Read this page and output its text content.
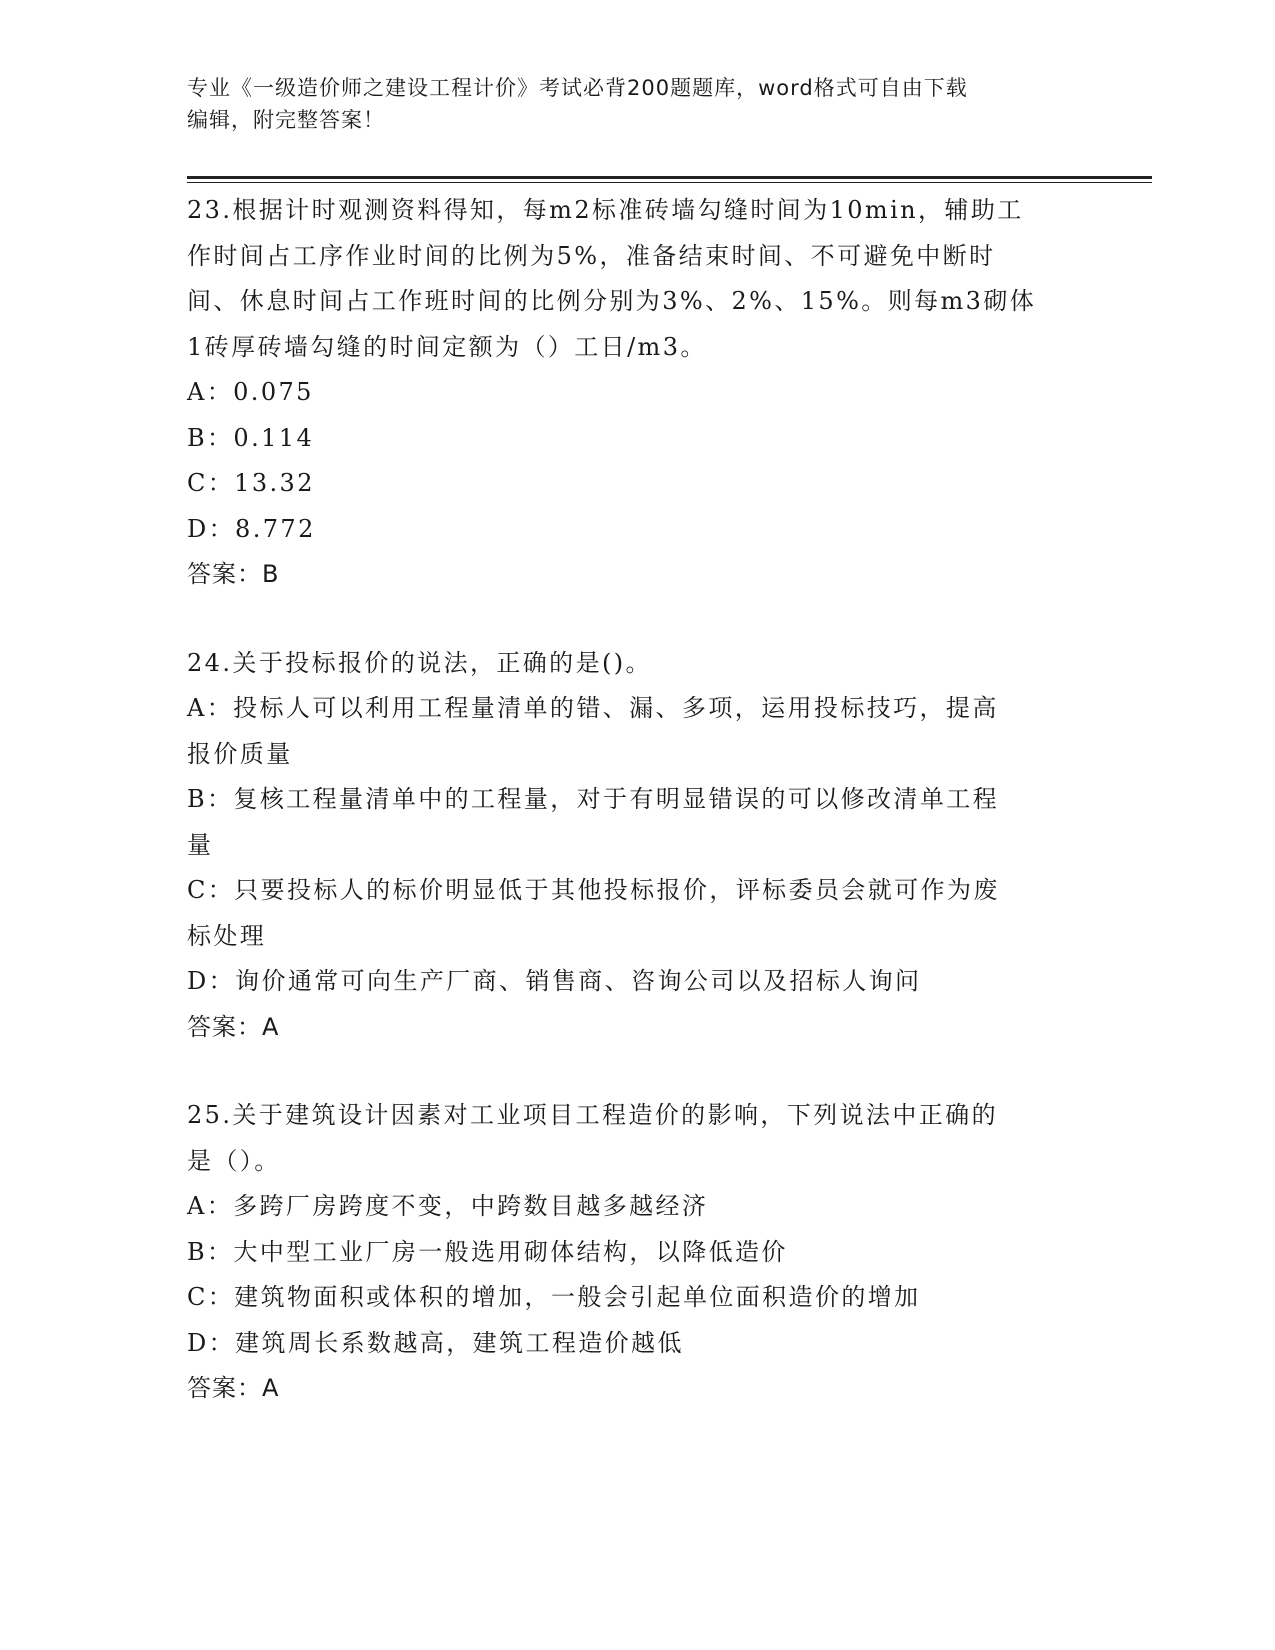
专业《一级造价师之建设工程计价》考试必背200题题库，word格式可自由下载
编辑，附完整答案！
23.根据计时观测资料得知，每m2标准砖墙勾缝时间为10min，辅助工
作时间占工序作业时间的比例为5%，准备结束时间、不可避免中断时
间、休息时间占工作班时间的比例分别为3%、2%、15%。则每m3砌体
1砖厚砖墙勾缝的时间定额为（）工日/m3。
A：0.075
B：0.114
C：13.32
D：8.772
答案：B
24.关于投标报价的说法，正确的是()。
A：投标人可以利用工程量清单的错、漏、多项，运用投标技巧，提高
报价质量
B：复核工程量清单中的工程量，对于有明显错误的可以修改清单工程
量
C：只要投标人的标价明显低于其他投标报价，评标委员会就可作为废
标处理
D：询价通常可向生产厂商、销售商、咨询公司以及招标人询问
答案：A
25.关于建筑设计因素对工业项目工程造价的影响，下列说法中正确的
是（）。
A：多跨厂房跨度不变，中跨数目越多越经济
B：大中型工业厂房一般选用砌体结构，以降低造价
C：建筑物面积或体积的增加，一般会引起单位面积造价的增加
D：建筑周长系数越高，建筑工程造价越低
答案：A
